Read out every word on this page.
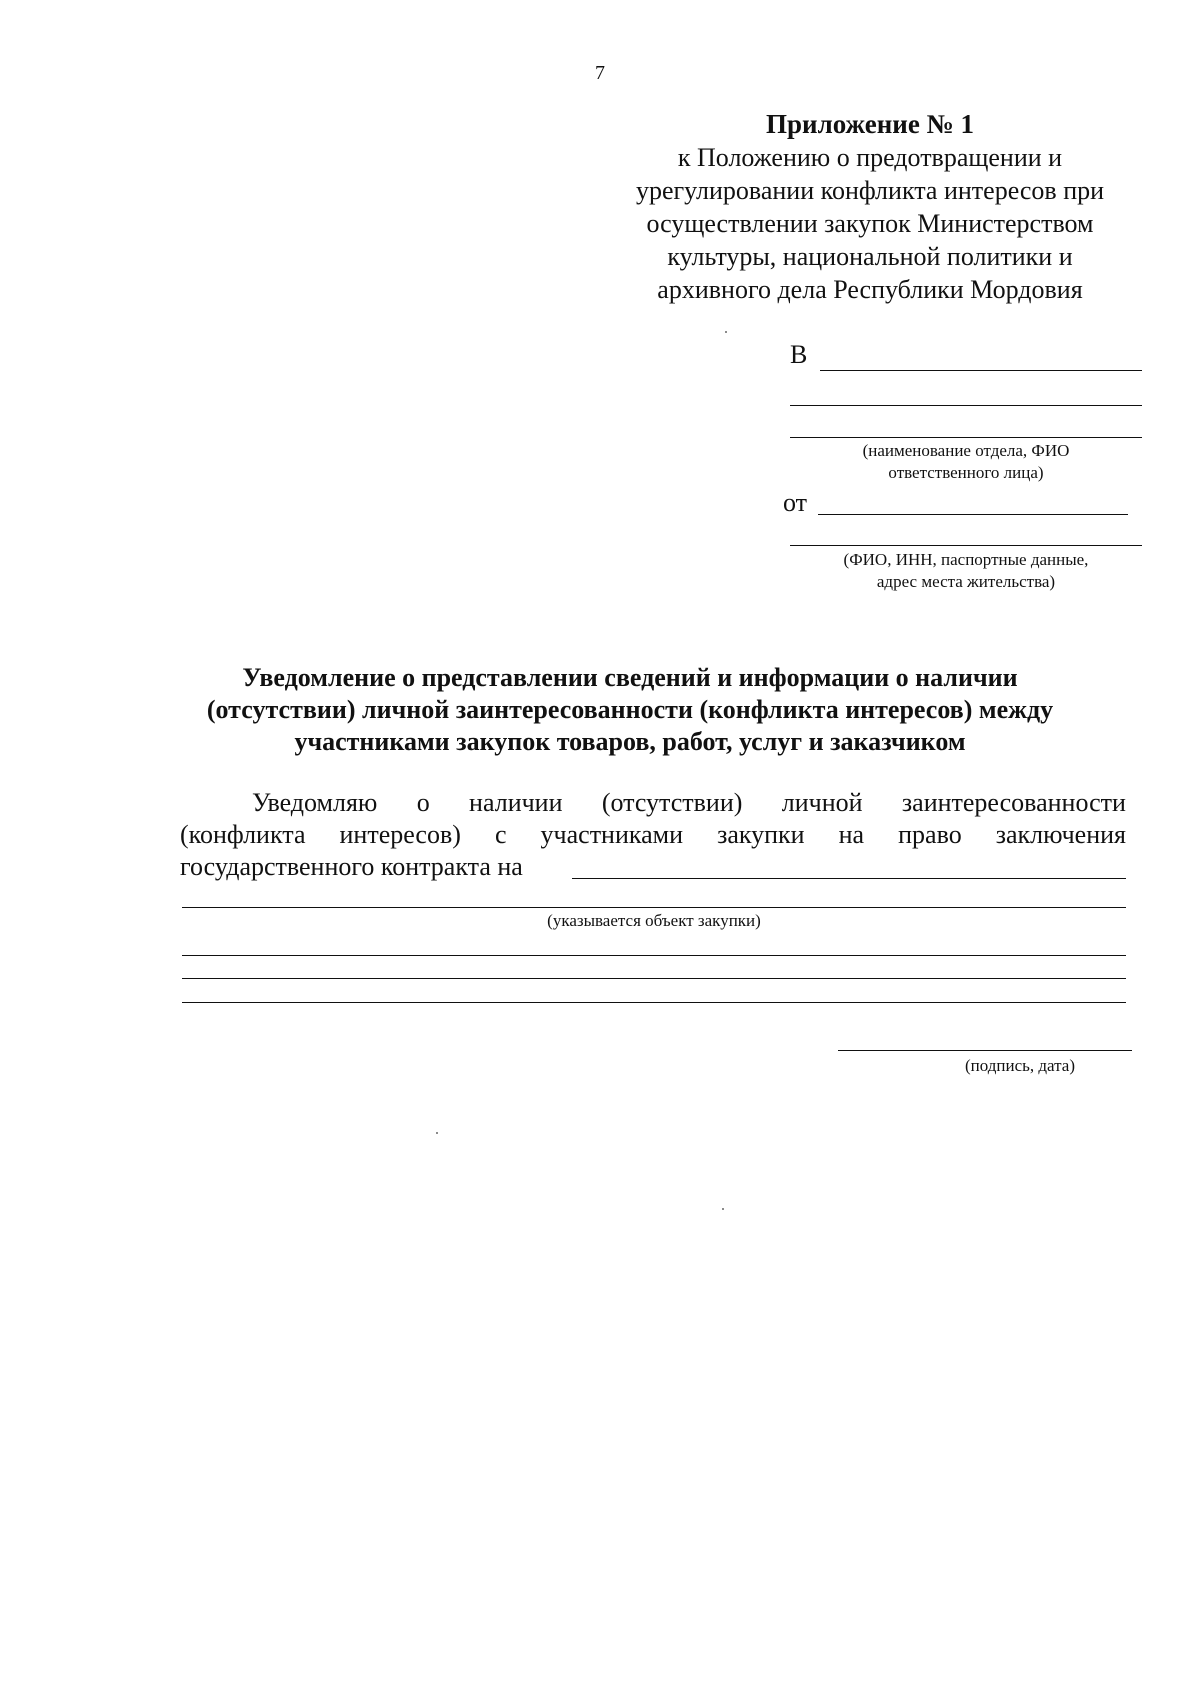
7
Приложение № 1
к Положению о предотвращении и
урегулировании конфликта интересов при
осуществлении закупок Министерством
культуры, национальной политики и
архивного дела Республики Мордовия
В
(наименование отдела, ФИО
ответственного лица)
от
(ФИО, ИНН, паспортные данные,
адрес места жительства)
Уведомление о представлении сведений и информации о наличии
(отсутствии) личной заинтересованности (конфликта интересов) между
участниками закупок товаров, работ, услуг и заказчиком
Уведомляю о наличии (отсутствии) личной заинтересованности
(конфликта интересов) с участниками закупки на право заключения
государственного контракта на
(указывается объект закупки)
(подпись, дата)
